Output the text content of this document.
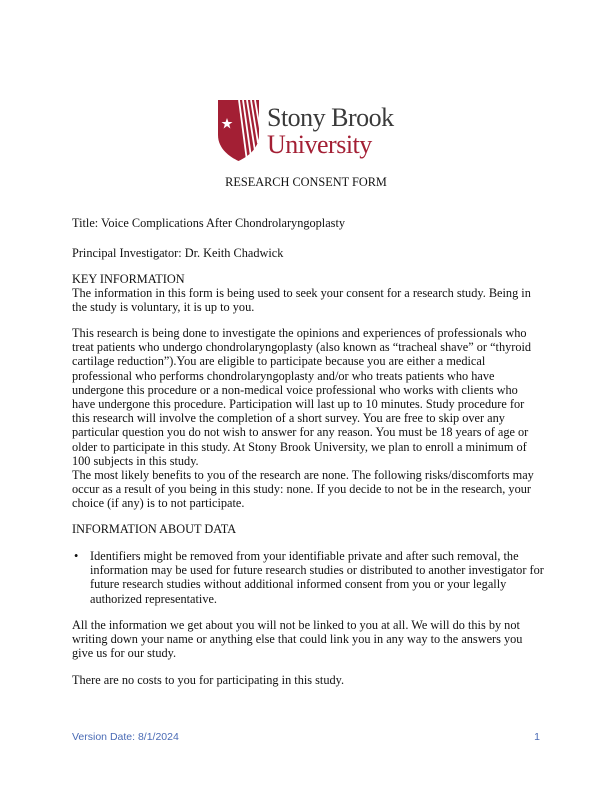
Stony Brook
University
RESEARCH CONSENT FORM
Title: Voice Complications After Chondrolaryngoplasty
Principal Investigator: Dr. Keith Chadwick
KEY INFORMATION
The information in this form is being used to seek your consent for a research study. Being in the study is voluntary, it is up to you.
This research is being done to investigate the opinions and experiences of professionals who treat patients who undergo chondrolaryngoplasty (also known as “tracheal shave” or “thyroid cartilage reduction”).You are eligible to participate because you are either a medical professional who performs chondrolaryngoplasty and/or who treats patients who have undergone this procedure or a non-medical voice professional who works with clients who have undergone this procedure. Participation will last up to 10 minutes. Study procedure for this research will involve the completion of a short survey. You are free to skip over any particular question you do not wish to answer for any reason. You must be 18 years of age or older to participate in this study. At Stony Brook University, we plan to enroll a minimum of 100 subjects in this study.
The most likely benefits to you of the research are none. The following risks/discomforts may occur as a result of you being in this study: none. If you decide to not be in the research, your choice (if any) is to not participate.
INFORMATION ABOUT DATA
• Identifiers might be removed from your identifiable private and after such removal, the information may be used for future research studies or distributed to another investigator for future research studies without additional informed consent from you or your legally authorized representative.
All the information we get about you will not be linked to you at all. We will do this by not writing down your name or anything else that could link you in any way to the answers you give us for our study.
There are no costs to you for participating in this study.
Version Date: 8/1/2024	1
